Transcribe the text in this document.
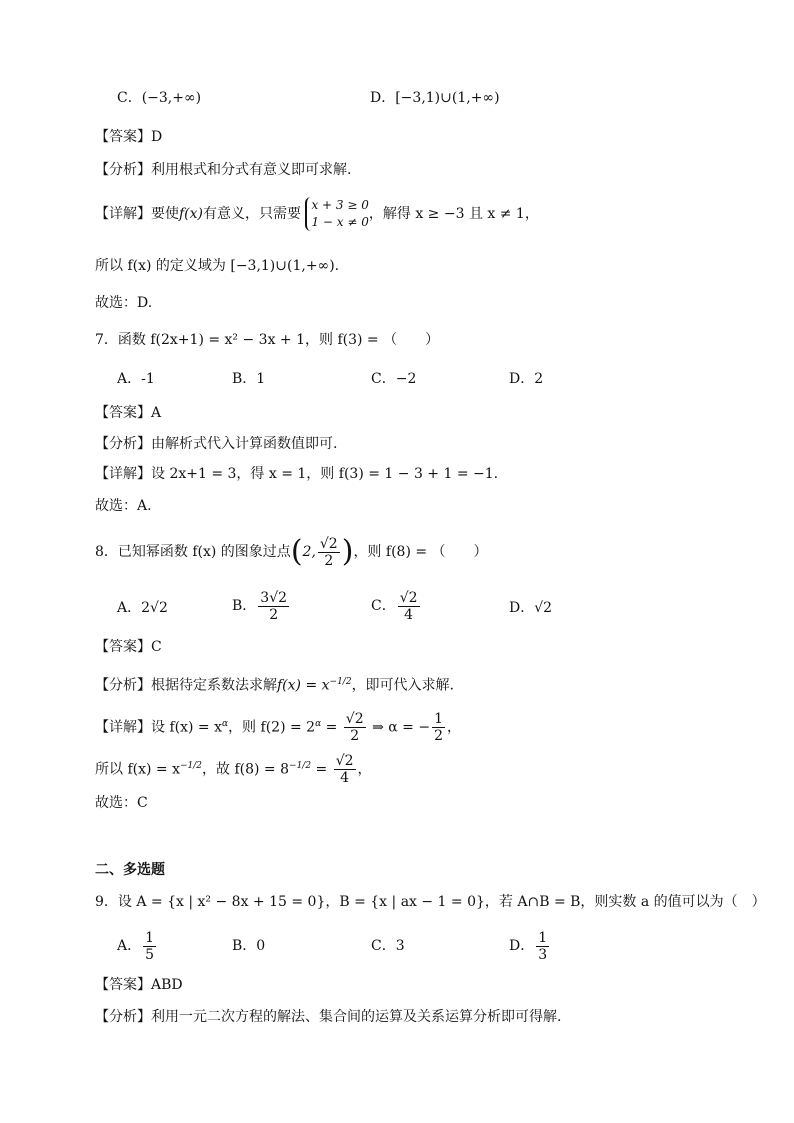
C．(−3,+∞)	D．[−3,1)∪(1,+∞)
【答案】D
【分析】利用根式和分式有意义即可求解.
【详解】要使f(x)有意义，只需要
x + 3 ≥ 0
1 − x ≠ 0 ，解得 x ≥ −3 且 x ≠ 1，
所以 f(x) 的定义域为 [−3,1)∪(1,+∞).
故选：D.
7．函数 f(2x+1) = x² − 3x + 1，则 f(3) = （　　）
A．-1	B．1	C．−2	D．2
【答案】A
【分析】由解析式代入计算函数值即可.
【详解】设 2x+1 = 3，得 x = 1，则 f(3) = 1 − 3 + 1 = −1.
故选：A.
8．已知幂函数 f(x) 的图象过点(2, $\frac{√2}{2}$ )，则 f(8) = （　　）
A．2√2	B． $\frac{3√2}{2}$	C． $\frac{√2}{4}$	D．√2
【答案】C
【分析】根据待定系数法求解$f(x) = x^{-1/2}$，即可代入求解.
【详解】设 $f(x) = x^\alpha$，则 $f(2) = 2^\alpha = \frac{√2}{2}$ ⇒ α = − $\frac{1}{2}$ ，
所以 $f(x) = x^{-1/2}$，故 $f(8) = 8^{-1/2} = \frac{√2}{4}$ ，
故选：C
二、多选题
9．设 A = {x | x² − 8x + 15 = 0}，B = {x | ax − 1 = 0}，若 A∩B = B，则实数 a 的值可以为（　）
A． $\frac{1}{5}$	B．0	C．3	D． $\frac{1}{3}$
【答案】ABD
【分析】利用一元二次方程的解法、集合间的运算及关系运算分析即可得解.
